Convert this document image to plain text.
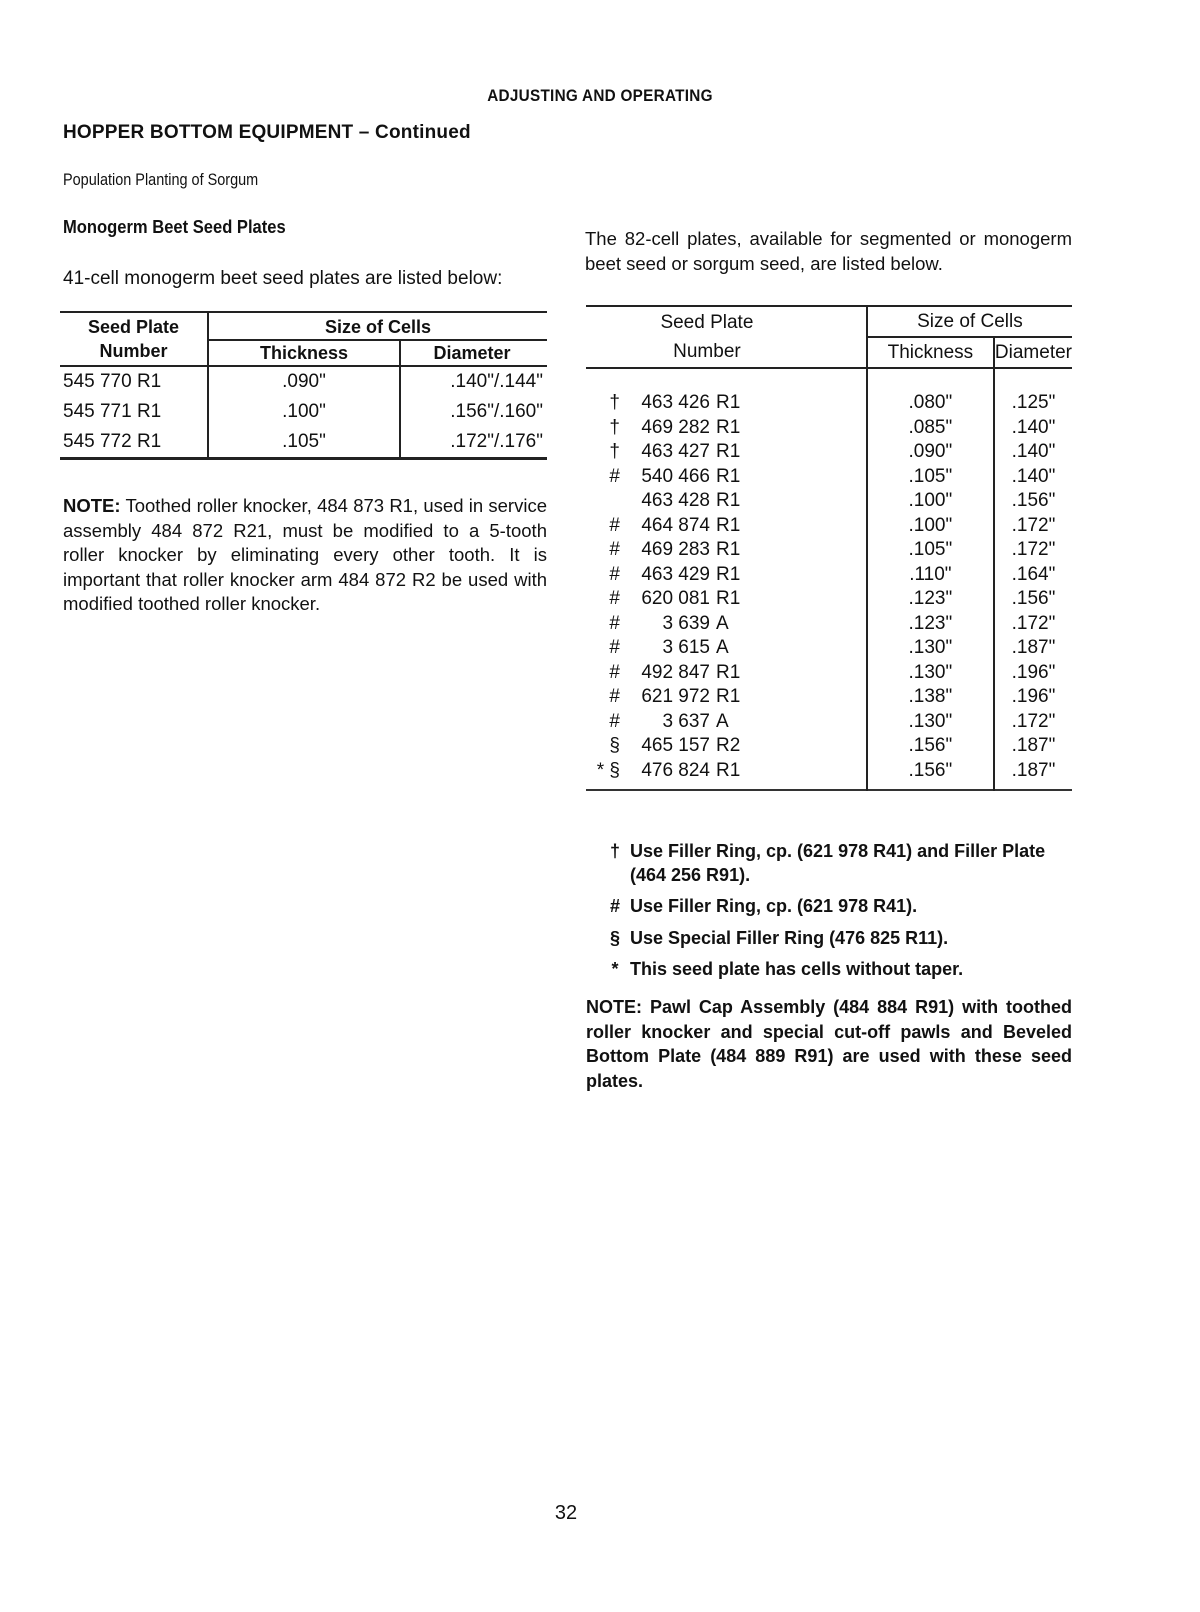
ADJUSTING AND OPERATING
HOPPER BOTTOM EQUIPMENT – Continued
Population Planting of Sorgum
Monogerm Beet Seed Plates
41-cell monogerm beet seed plates are listed below:
Seed Plate
Number	Size of Cells	
	Thickness	Diameter
545 770 R1	.090"	.140"/.144"
545 771 R1	.100"	.156"/.160"
545 772 R1	.105"	.172"/.176"
NOTE: Toothed roller knocker, 484 873 R1, used in service assembly 484 872 R21, must be modified to a 5-tooth roller knocker by eliminating every other tooth. It is important that roller knocker arm 484 872 R2 be used with modified toothed roller knocker.
The 82-cell plates, available for segmented or monogerm beet seed or sorgum seed, are listed below.
Seed Plate
Number	Size of Cells	
	Thickness	Diameter
† 463 426 R1	.080"	.125"
† 469 282 R1	.085"	.140"
† 463 427 R1	.090"	.140"
# 540 466 R1	.105"	.140"
463 428 R1	.100"	.156"
# 464 874 R1	.100"	.172"
# 469 283 R1	.105"	.172"
# 463 429 R1	.110"	.164"
# 620 081 R1	.123"	.156"
# 3 639 A	.123"	.172"
# 3 615 A	.130"	.187"
# 492 847 R1	.130"	.196"
# 621 972 R1	.138"	.196"
# 3 637 A	.130"	.172"
§ 465 157 R2	.156"	.187"
* § 476 824 R1	.156"	.187"
† Use Filler Ring, cp. (621 978 R41) and Filler Plate (464 256 R91).
# Use Filler Ring, cp. (621 978 R41).
§ Use Special Filler Ring (476 825 R11).
* This seed plate has cells without taper.
NOTE: Pawl Cap Assembly (484 884 R91) with toothed roller knocker and special cut-off pawls and Beveled Bottom Plate (484 889 R91) are used with these seed plates.
32
